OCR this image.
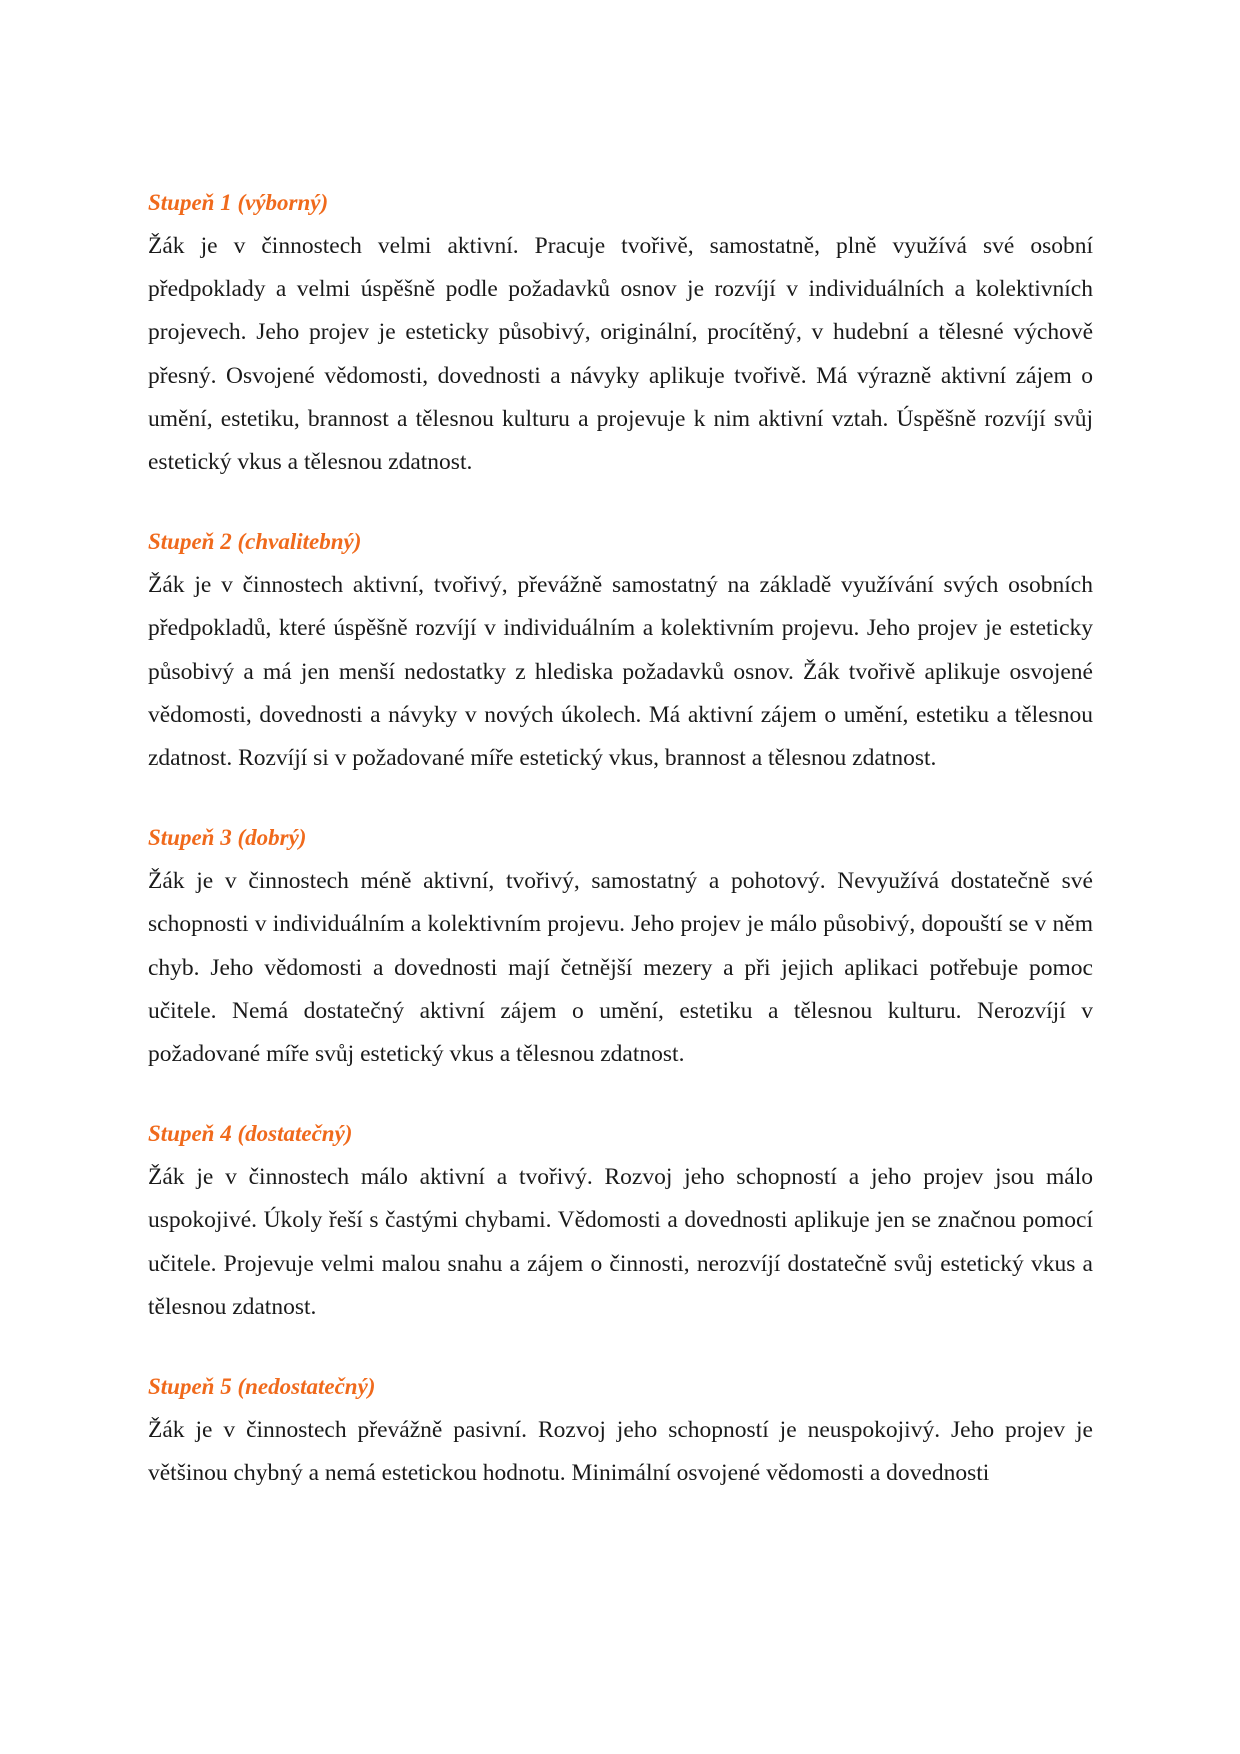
Stupeň 1 (výborný)

Žák je v činnostech velmi aktivní. Pracuje tvořivě, samostatně, plně využívá své osobní předpoklady a velmi úspěšně podle požadavků osnov je rozvíjí v individuálních a kolektivních projevech. Jeho projev je esteticky působivý, originální, procítěný, v hudební a tělesné výchově přesný. Osvojené vědomosti, dovednosti a návyky aplikuje tvořivě. Má výrazně aktivní zájem o umění, estetiku, brannost a tělesnou kulturu a projevuje k nim aktivní vztah. Úspěšně rozvíjí svůj estetický vkus a tělesnou zdatnost.

Stupeň 2 (chvalitebný)

Žák je v činnostech aktivní, tvořivý, převážně samostatný na základě využívání svých osobních předpokladů, které úspěšně rozvíjí v individuálním a kolektivním projevu. Jeho projev je esteticky působivý a má jen menší nedostatky z hlediska požadavků osnov. Žák tvořivě aplikuje osvojené vědomosti, dovednosti a návyky v nových úkolech. Má aktivní zájem o umění, estetiku a tělesnou zdatnost. Rozvíjí si v požadované míře estetický vkus, brannost a tělesnou zdatnost.

Stupeň 3 (dobrý)

Žák je v činnostech méně aktivní, tvořivý, samostatný a pohotový. Nevyužívá dostatečně své schopnosti v individuálním a kolektivním projevu. Jeho projev je málo působivý, dopouští se v něm chyb. Jeho vědomosti a dovednosti mají četnější mezery a při jejich aplikaci potřebuje pomoc učitele. Nemá dostatečný aktivní zájem o umění, estetiku a tělesnou kulturu. Nerozvíjí v požadované míře svůj estetický vkus a tělesnou zdatnost.

Stupeň 4 (dostatečný)

Žák je v činnostech málo aktivní a tvořivý. Rozvoj jeho schopností a jeho projev jsou málo uspokojivé. Úkoly řeší s častými chybami. Vědomosti a dovednosti aplikuje jen se značnou pomocí učitele. Projevuje velmi malou snahu a zájem o činnosti, nerozvíjí dostatečně svůj estetický vkus a tělesnou zdatnost.

Stupeň 5 (nedostatečný)

Žák je v činnostech převážně pasivní. Rozvoj jeho schopností je neuspokojivý. Jeho projev je většinou chybný a nemá estetickou hodnotu. Minimální osvojené vědomosti a dovednosti
